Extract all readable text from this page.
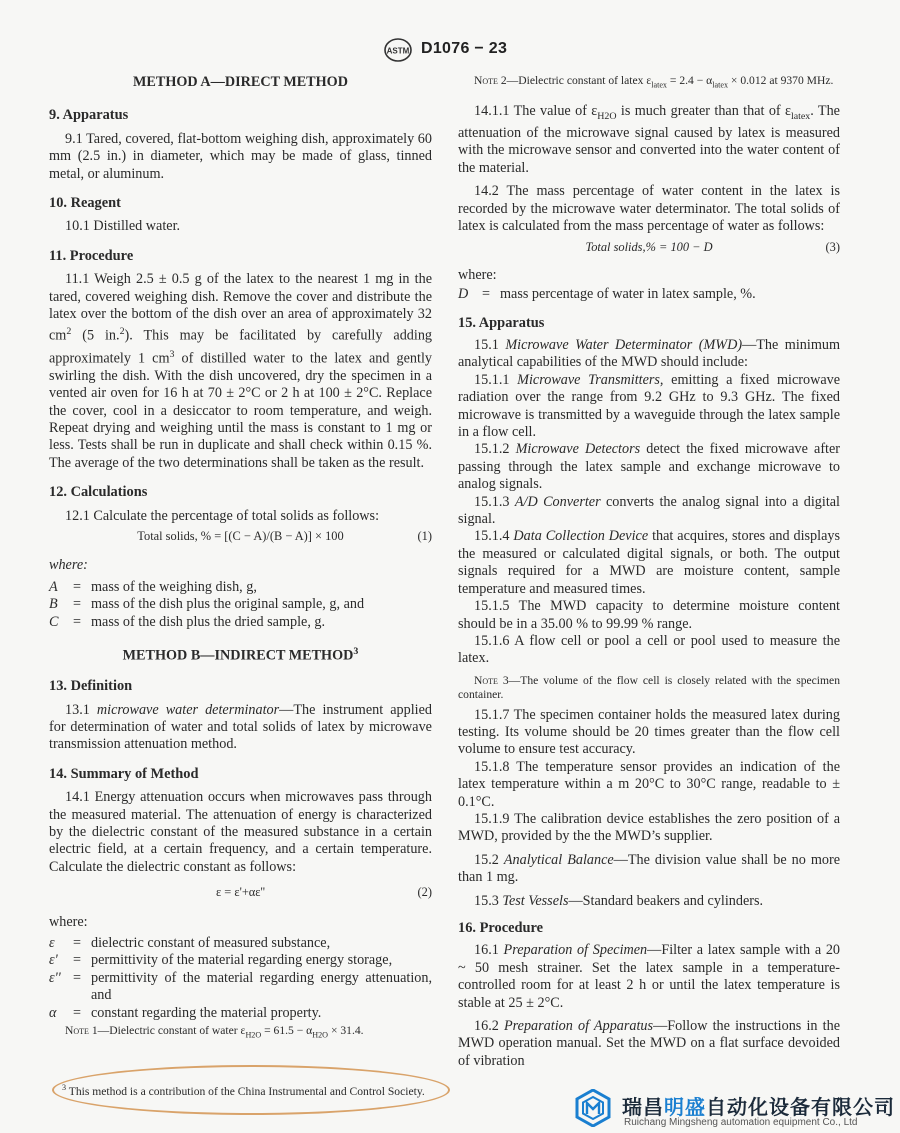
ASTM D1076 − 23

METHOD A—DIRECT METHOD

9. Apparatus

9.1 Tared, covered, flat-bottom weighing dish, approximately 60 mm (2.5 in.) in diameter, which may be made of glass, tinned metal, or aluminum.

10. Reagent

10.1 Distilled water.

11. Procedure

11.1 Weigh 2.5 ± 0.5 g of the latex to the nearest 1 mg in the tared, covered weighing dish. Remove the cover and distribute the latex over the bottom of the dish over an area of approximately 32 $cm^2$ (5 in.$^2$). This may be facilitated by carefully adding approximately 1 $cm^3$ of distilled water to the latex and gently swirling the dish. With the dish uncovered, dry the specimen in a vented air oven for 16 h at 70 ± 2°C or 2 h at 100 ± 2°C. Replace the cover, cool in a desiccator to room temperature, and weigh. Repeat drying and weighing until the mass is constant to 1 mg or less. Tests shall be run in duplicate and shall check within 0.15 %. The average of the two determinations shall be taken as the result.

12. Calculations

12.1 Calculate the percentage of total solids as follows:

Total solids, % = [(C − A)/(B − A)] × 100	(1)

where:

A	= mass of the weighing dish, g,
B	= mass of the dish plus the original sample, g, and
C	= mass of the dish plus the dried sample, g.

METHOD B—INDIRECT METHOD$^3$

13. Definition

13.1 microwave water determinator—The instrument applied for determination of water and total solids of latex by microwave transmission attenuation method.

14. Summary of Method

14.1 Energy attenuation occurs when microwaves pass through the measured material. The attenuation of energy is characterized by the dielectric constant of the measured substance in a certain electric field, at a certain frequency, and a certain temperature. Calculate the dielectric constant as follows:

ε = ε'+αε''	(2)

where:

ε	= dielectric constant of measured substance,
ε'	= permittivity of the material regarding energy storage,
ε'' = permittivity of the material regarding energy attenuation, and
α	= constant regarding the material property.

Note 1—Dielectric constant of water $\varepsilon_{H2O} = 61.5 - \alpha_{H2O} \times 31.4$.

Note 2—Dielectric constant of latex $\varepsilon_{latex} = 2.4 - \alpha_{latex} \times 0.012$ at 9370 MHz.

14.1.1 The value of $\varepsilon_{H2O}$ is much greater than that of $\varepsilon_{latex}$. The attenuation of the microwave signal caused by latex is measured with the microwave sensor and converted into the water content of the material.

14.2 The mass percentage of water content in the latex is recorded by the microwave water determinator. The total solids of latex is calculated from the mass percentage of water as follows:

Total solids,% = 100 − D	(3)

where:

D = mass percentage of water in latex sample, %.

15. Apparatus

15.1 Microwave Water Determinator (MWD)—The minimum analytical capabilities of the MWD should include:

15.1.1 Microwave Transmitters, emitting a fixed microwave radiation over the range from 9.2 GHz to 9.3 GHz. The fixed microwave is transmitted by a waveguide through the latex sample in a flow cell.

15.1.2 Microwave Detectors detect the fixed microwave after passing through the latex sample and exchange microwave to analog signals.

15.1.3 A/D Converter converts the analog signal into a digital signal.

15.1.4 Data Collection Device that acquires, stores and displays the measured or calculated digital signals, or both. The output signals required for a MWD are moisture content, sample temperature and measured times.

15.1.5 The MWD capacity to determine moisture content should be in a 35.00 % to 99.99 % range.

15.1.6 A flow cell or pool a cell or pool used to measure the latex.

Note 3—The volume of the flow cell is closely related with the specimen container.

15.1.7 The specimen container holds the measured latex during testing. Its volume should be 20 times greater than the flow cell volume to ensure test accuracy.

15.1.8 The temperature sensor provides an indication of the latex temperature within a m 20°C to 30°C range, readable to ± 0.1°C.

15.1.9 The calibration device establishes the zero position of a MWD, provided by the the MWD’s supplier.

15.2 Analytical Balance—The division value shall be no more than 1 mg.

15.3 Test Vessels—Standard beakers and cylinders.

16. Procedure

16.1 Preparation of Specimen—Filter a latex sample with a 20 ~ 50 mesh strainer. Set the latex sample in a temperature-controlled room for at least 2 h or until the latex temperature is stable at 25 ± 2°C.

16.2 Preparation of Apparatus—Follow the instructions in the MWD operation manual. Set the MWD on a flat surface devoided of vibration

$^3$ This method is a contribution of the China Instrumental and Control Society.
瑞昌明盛自动化设备有限公司
Ruichang Mingsheng automation equipment Co., Ltd
